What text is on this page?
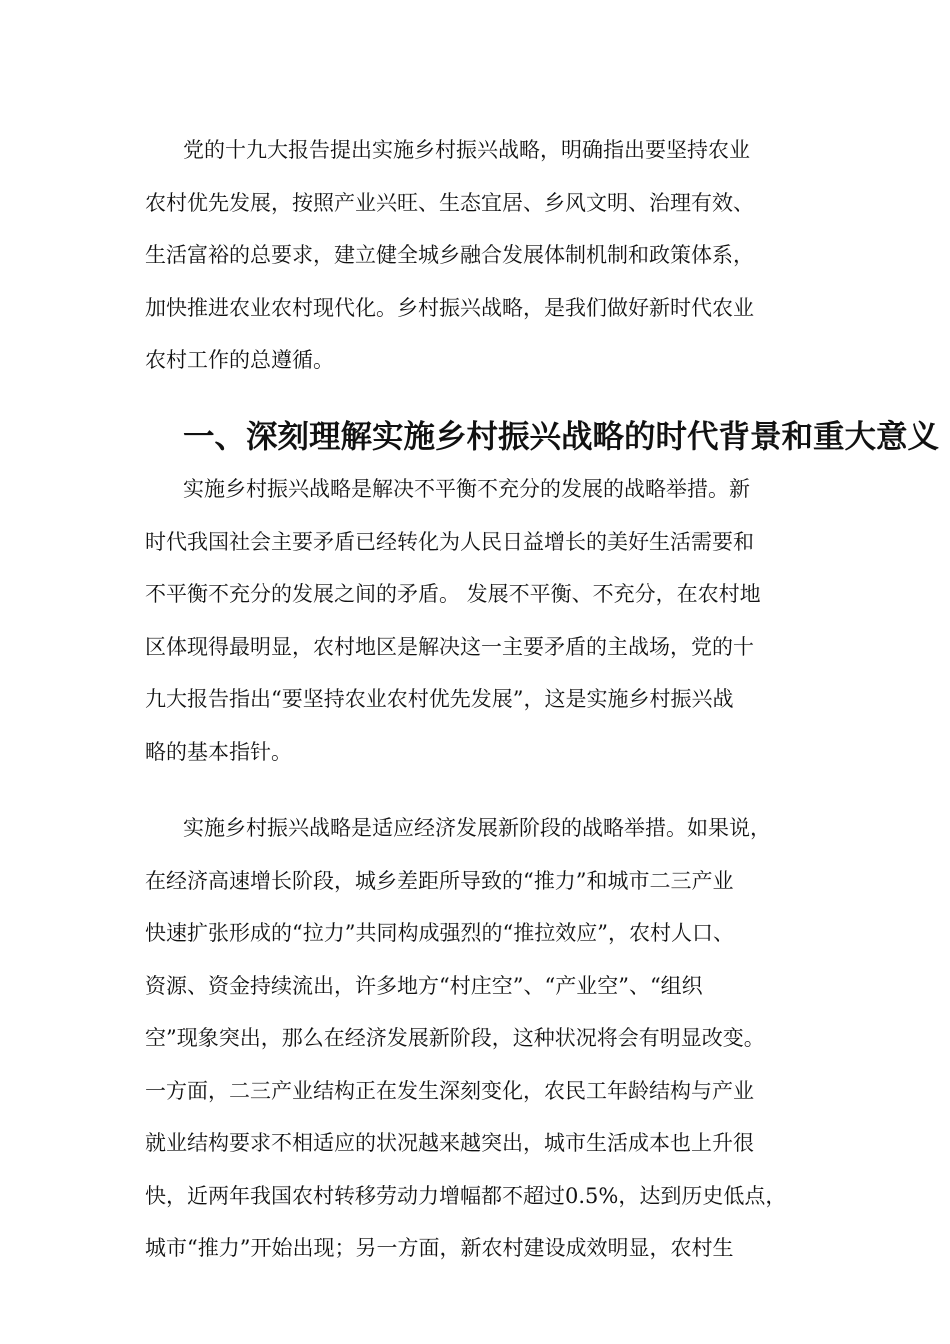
党的十九大报告提出实施乡村振兴战略，明确指出要坚持农业
农村优先发展，按照产业兴旺、生态宜居、乡风文明、治理有效、
生活富裕的总要求，建立健全城乡融合发展体制机制和政策体系，
加快推进农业农村现代化。乡村振兴战略，是我们做好新时代农业
农村工作的总遵循。

一、深刻理解实施乡村振兴战略的时代背景和重大意义

实施乡村振兴战略是解决不平衡不充分的发展的战略举措。新
时代我国社会主要矛盾已经转化为人民日益增长的美好生活需要和
不平衡不充分的发展之间的矛盾。 发展不平衡、不充分，在农村地
区体现得最明显，农村地区是解决这一主要矛盾的主战场，党的十
九大报告指出“要坚持农业农村优先发展”，这是实施乡村振兴战
略的基本指针。

实施乡村振兴战略是适应经济发展新阶段的战略举措。如果说，
在经济高速增长阶段，城乡差距所导致的“推力”和城市二三产业
快速扩张形成的“拉力”共同构成强烈的“推拉效应”，农村人口、
资源、资金持续流出，许多地方“村庄空”、“产业空”、“组织
空”现象突出，那么在经济发展新阶段，这种状况将会有明显改变。
一方面，二三产业结构正在发生深刻变化，农民工年龄结构与产业
就业结构要求不相适应的状况越来越突出，城市生活成本也上升很
快，近两年我国农村转移劳动力增幅都不超过0.5%，达到历史低点，
城市“推力”开始出现；另一方面，新农村建设成效明显，农村生
